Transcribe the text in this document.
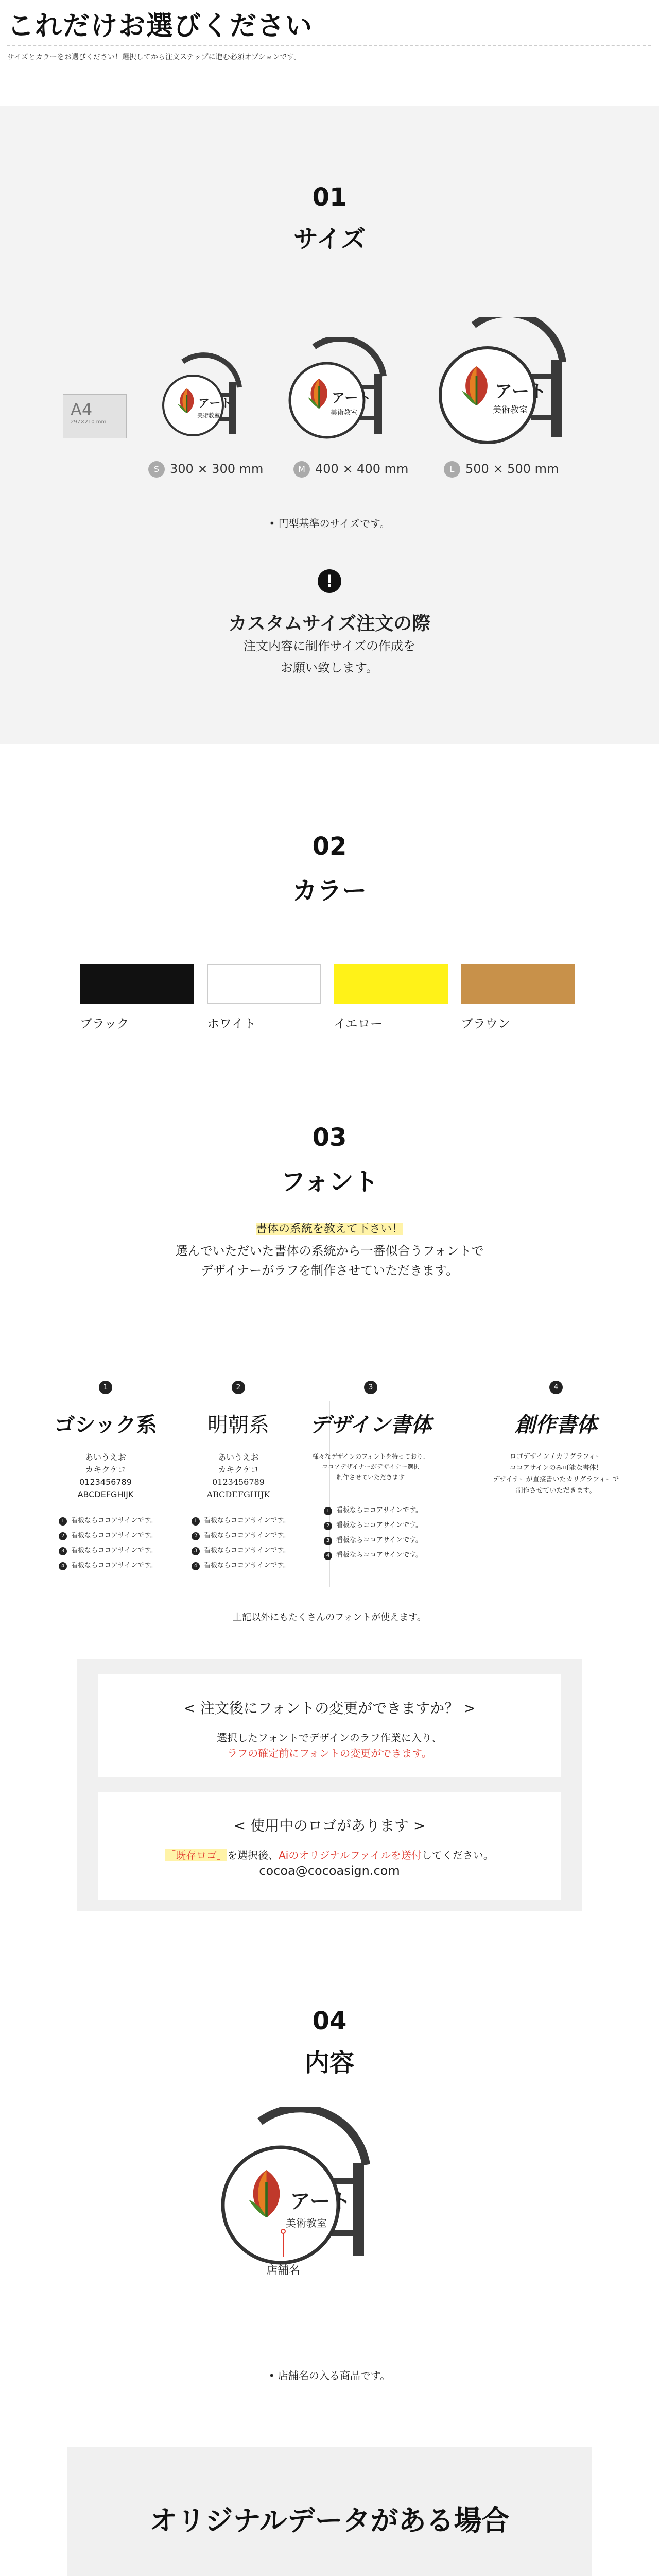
これだけお選びください
サイズとカラーをお選びください！選択してから注文ステップに進む必須オプションです。
01
サイズ
A4
297×210 mm
アート
美術教室
アート
美術教室
アート
美術教室
S 300 × 300 mm	M 400 × 400 mm	L 500 × 500 mm
• 円型基準のサイズです。
!
カスタムサイズ注文の際
注文内容に制作サイズの作成を
お願い致します。
02
カラー
ブラック	ホワイト	イエロー	ブラウン
03
フォント
書体の系統を教えて下さい！
選んでいただいた書体の系統から一番似合うフォントで
デザイナーがラフを制作させていただきます。
1
ゴシック系
あいうえお
カキクケコ
0123456789
ABCDEFGHIJK
1 看板ならココアサインです。
2 看板ならココアサインです。
3 看板ならココアサインです。
4 看板ならココアサインです。
2
明朝系
あいうえお
カキクケコ
0123456789
ABCDEFGHIJK
1 看板ならココアサインです。
2 看板ならココアサインです。
3 看板ならココアサインです。
4 看板ならココアサインです。
3
デザイン書体
様々なデザインのフォントを持っており、
ココアデザイナーがデザイナー選択
制作させていただきます
1 看板ならココアサインです。
2 看板ならココアサインです。
3 看板ならココアサインです。
4 看板ならココアサインです。
4
創作書体
ロゴデザイン / カリグラフィー
ココアサインのみ可能な書体！
デザイナーが直接書いたカリグラフィーで
制作させていただきます。
上記以外にもたくさんのフォントが使えます。
< 注文後にフォントの変更ができますか？ >
選択したフォントでデザインのラフ作業に入り、
ラフの確定前にフォントの変更ができます。
< 使用中のロゴがあります >
「既存ロゴ」を選択後、Aiのオリジナルファイルを送付してください。
cocoa@cocoasign.com
04
内容
アート
美術教室
店舗名
• 店舗名の入る商品です。
オリジナルデータがある場合
